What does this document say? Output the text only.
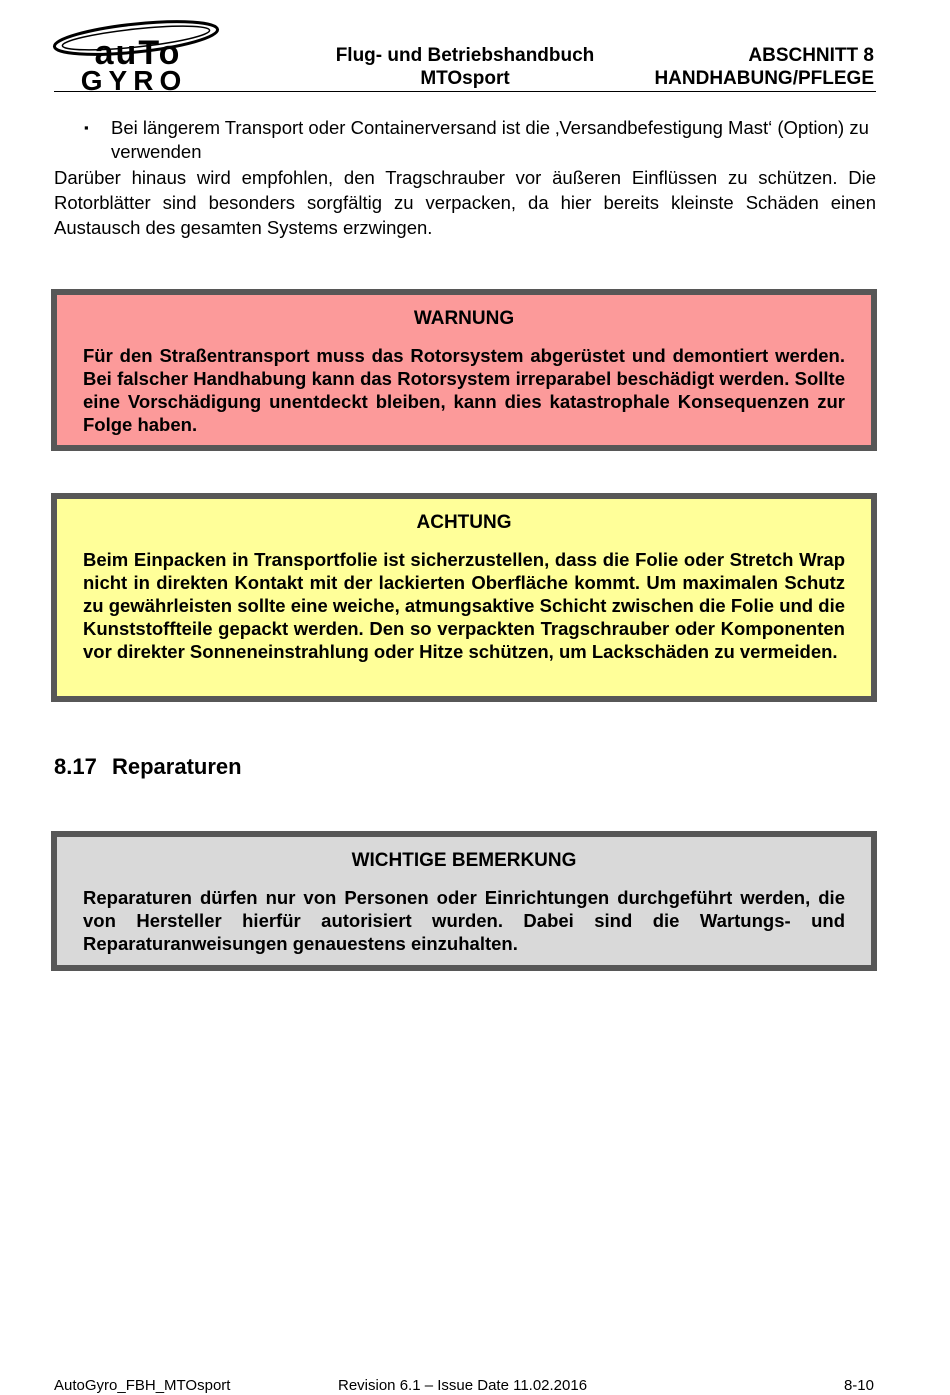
auTo
GYRO
Flug- und Betriebshandbuch
MTOsport
ABSCHNITT 8
HANDHABUNG/PFLEGE
▪ Bei längerem Transport oder Containerversand ist die ‚Versandbefestigung Mast‘ (Option) zu verwenden
Darüber hinaus wird empfohlen, den Tragschrauber vor äußeren Einflüssen zu schützen. Die Rotorblätter sind besonders sorgfältig zu verpacken, da hier bereits kleinste Schäden einen Austausch des gesamten Systems erzwingen.
WARNUNG
Für den Straßentransport muss das Rotorsystem abgerüstet und demontiert werden. Bei falscher Handhabung kann das Rotorsystem irreparabel beschädigt werden. Sollte eine Vorschädigung unentdeckt bleiben, kann dies katastrophale Konsequenzen zur Folge haben.
ACHTUNG
Beim Einpacken in Transportfolie ist sicherzustellen, dass die Folie oder Stretch Wrap nicht in direkten Kontakt mit der lackierten Oberfläche kommt. Um maximalen Schutz zu gewährleisten sollte eine weiche, atmungsaktive Schicht zwischen die Folie und die Kunststoffteile gepackt werden. Den so verpackten Tragschrauber oder Komponenten vor direkter Sonneneinstrahlung oder Hitze schützen, um Lackschäden zu vermeiden.
8.17 Reparaturen
WICHTIGE BEMERKUNG
Reparaturen dürfen nur von Personen oder Einrichtungen durchgeführt werden, die von Hersteller hierfür autorisiert wurden. Dabei sind die Wartungs- und Reparaturanweisungen genauestens einzuhalten.
AutoGyro_FBH_MTOsport	Revision 6.1 – Issue Date 11.02.2016	8-10
